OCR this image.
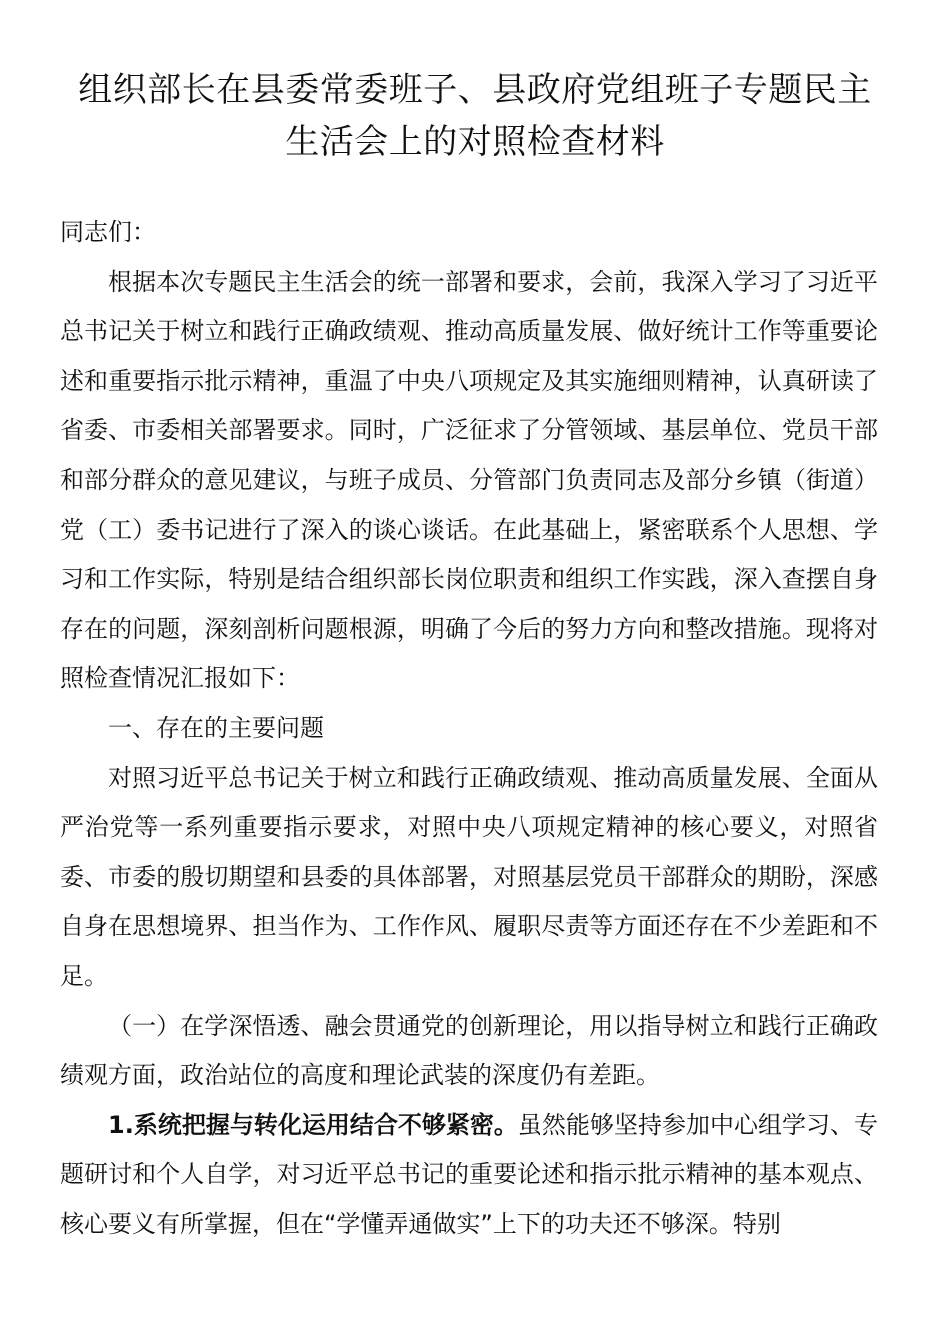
组织部长在县委常委班子、县政府党组班子专题民主
生活会上的对照检查材料

同志们：

根据本次专题民主生活会的统一部署和要求，会前，我深入学习了习近平总书记关于树立和践行正确政绩观、推动高质量发展、做好统计工作等重要论述和重要指示批示精神，重温了中央八项规定及其实施细则精神，认真研读了省委、市委相关部署要求。同时，广泛征求了分管领域、基层单位、党员干部和部分群众的意见建议，与班子成员、分管部门负责同志及部分乡镇（街道）党（工）委书记进行了深入的谈心谈话。在此基础上，紧密联系个人思想、学习和工作实际，特别是结合组织部长岗位职责和组织工作实践，深入查摆自身存在的问题，深刻剖析问题根源，明确了今后的努力方向和整改措施。现将对照检查情况汇报如下：

一、存在的主要问题

对照习近平总书记关于树立和践行正确政绩观、推动高质量发展、全面从严治党等一系列重要指示要求，对照中央八项规定精神的核心要义，对照省委、市委的殷切期望和县委的具体部署，对照基层党员干部群众的期盼，深感自身在思想境界、担当作为、工作作风、履职尽责等方面还存在不少差距和不足。

（一）在学深悟透、融会贯通党的创新理论，用以指导树立和践行正确政绩观方面，政治站位的高度和理论武装的深度仍有差距。

1.系统把握与转化运用结合不够紧密。虽然能够坚持参加中心组学习、专题研讨和个人自学，对习近平总书记的重要论述和指示批示精神的基本观点、核心要义有所掌握，但在“学懂弄通做实”上下的功夫还不够深。特别
